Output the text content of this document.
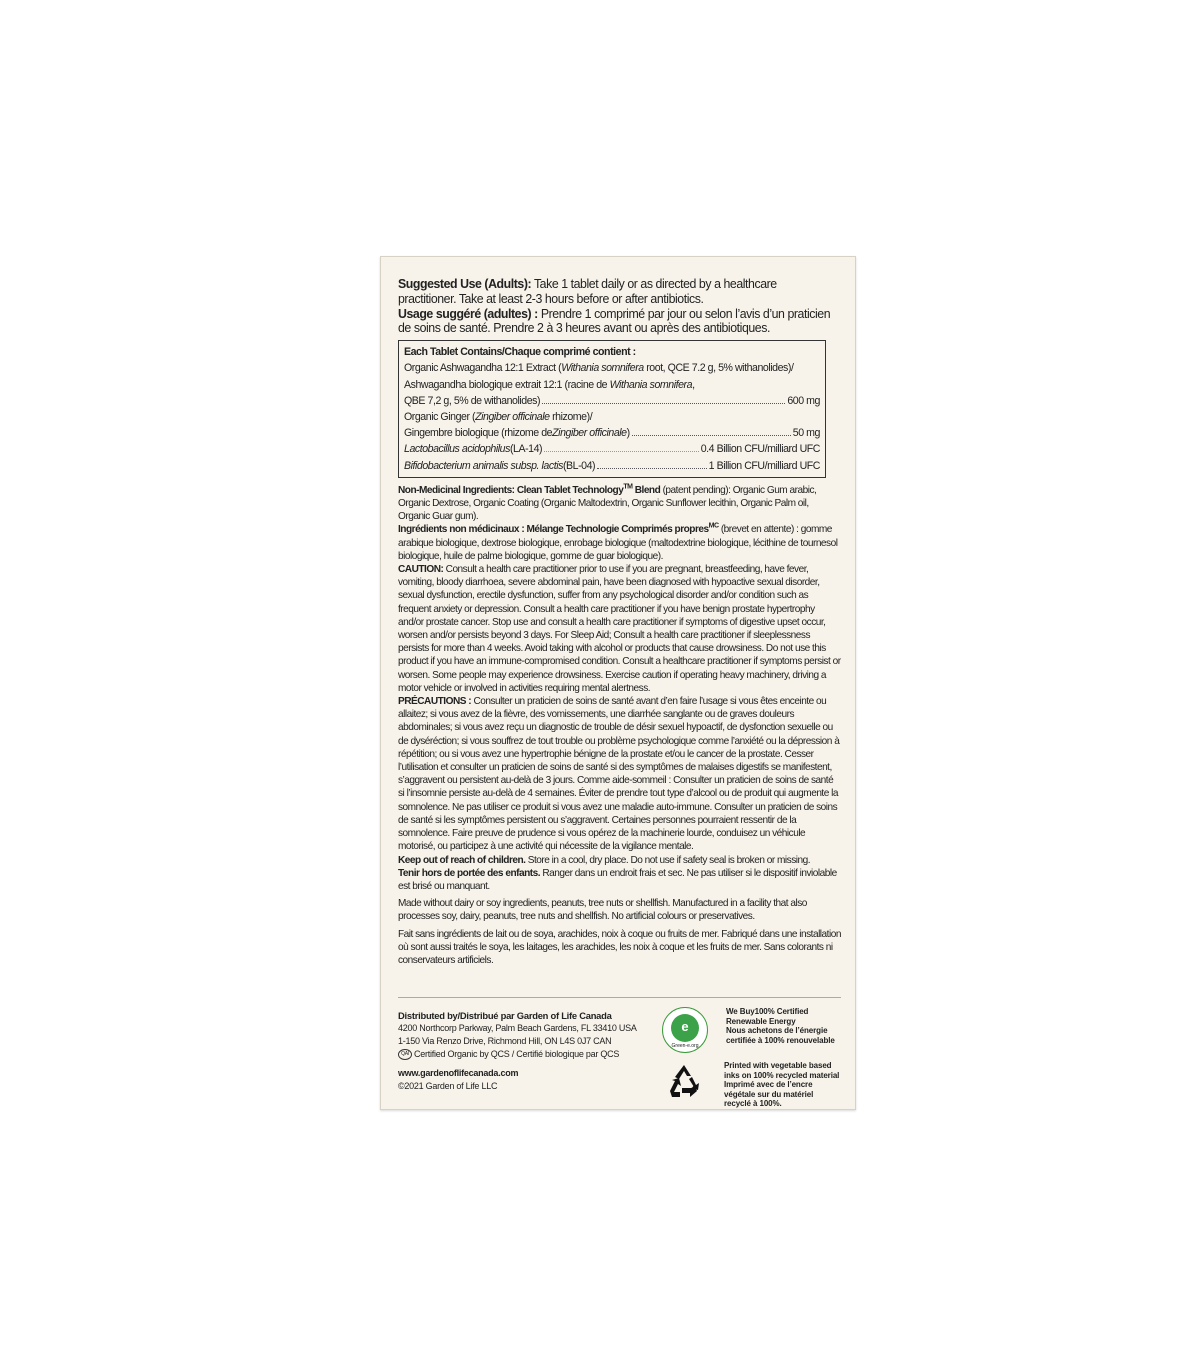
Suggested Use (Adults): Take 1 tablet daily or as directed by a healthcare practitioner. Take at least 2-3 hours before or after antibiotics.
Usage suggéré (adultes) : Prendre 1 comprimé par jour ou selon l’avis d’un praticien de soins de santé. Prendre 2 à 3 heures avant ou après des antibiotiques.
Each Tablet Contains/Chaque comprimé contient :
Organic Ashwagandha 12:1 Extract (Withania somnifera root, QCE 7.2 g, 5% withanolides)/
Ashwagandha biologique extrait 12:1 (racine de Withania somnifera,
QBE 7,2 g, 5% de withanolides)	600 mg
Organic Ginger (Zingiber officinale rhizome)/
Gingembre biologique (rhizome de Zingiber officinale )	50 mg
Lactobacillus acidophilus (LA-14)	0.4 Billion CFU/milliard UFC
Bifidobacterium animalis subsp. lactis (BL-04)	1 Billion CFU/milliard UFC

Non-Medicinal Ingredients: Clean Tablet Technology™ Blend (patent pending): Organic Gum arabic, Organic Dextrose, Organic Coating (Organic Maltodextrin, Organic Sunflower lecithin, Organic Palm oil, Organic Guar gum).

Ingrédients non médicinaux : Mélange Technologie Comprimés propres$^{MC}$ (brevet en attente) : gomme arabique biologique, dextrose biologique, enrobage biologique (maltodextrine biologique, lécithine de tournesol biologique, huile de palme biologique, gomme de guar biologique).

CAUTION: Consult a health care practitioner prior to use if you are pregnant, breastfeeding, have fever, vomiting, bloody diarrhoea, severe abdominal pain, have been diagnosed with hypoactive sexual disorder, sexual dysfunction, erectile dysfunction, suffer from any psychological disorder and/or condition such as frequent anxiety or depression. Consult a health care practitioner if you have benign prostate hypertrophy and/or prostate cancer. Stop use and consult a health care practitioner if symptoms of digestive upset occur, worsen and/or persists beyond 3 days. For Sleep Aid; Consult a health care practitioner if sleeplessness persists for more than 4 weeks. Avoid taking with alcohol or products that cause drowsiness. Do not use this product if you have an immune-compromised condition. Consult a healthcare practitioner if symptoms persist or worsen. Some people may experience drowsiness. Exercise caution if operating heavy machinery, driving a motor vehicle or involved in activities requiring mental alertness.

PRÉCAUTIONS : Consulter un praticien de soins de santé avant d’en faire l’usage si vous êtes enceinte ou allaitez; si vous avez de la fièvre, des vomissements, une diarrhée sanglante ou de graves douleurs abdominales; si vous avez reçu un diagnostic de trouble de désir sexuel hypoactif, de dysfonction sexuelle ou de dyséréction; si vous souffrez de tout trouble ou problème psychologique comme l’anxiété ou la dépression à répétition; ou si vous avez une hypertrophie bénigne de la prostate et/ou le cancer de la prostate. Cesser l’utilisation et consulter un praticien de soins de santé si des symptômes de malaises digestifs se manifestent, s’aggravent ou persistent au-delà de 3 jours. Comme aide-sommeil : Consulter un praticien de soins de santé si l’insomnie persiste au-delà de 4 semaines. Éviter de prendre tout type d’alcool ou de produit qui augmente la somnolence. Ne pas utiliser ce produit si vous avez une maladie auto-immune. Consulter un praticien de soins de santé si les symptômes persistent ou s’aggravent. Certaines personnes pourraient ressentir de la somnolence. Faire preuve de prudence si vous opérez de la machinerie lourde, conduisez un véhicule motorisé, ou participez à une activité qui nécessite de la vigilance mentale.

Keep out of reach of children. Store in a cool, dry place. Do not use if safety seal is broken or missing.

Tenir hors de portée des enfants. Ranger dans un endroit frais et sec. Ne pas utiliser si le dispositif inviolable est brisé ou manquant.

Made without dairy or soy ingredients, peanuts, tree nuts or shellfish. Manufactured in a facility that also processes soy, dairy, peanuts, tree nuts and shellfish. No artificial colours or preservatives.

Fait sans ingrédients de lait ou de soya, arachides, noix à coque ou fruits de mer. Fabriqué dans une installation où sont aussi traités le soya, les laitages, les arachides, les noix à coque et les fruits de mer. Sans colorants ni conservateurs artificiels.

Distributed by/Distribué par Garden of Life Canada
4200 Northcorp Parkway, Palm Beach Gardens, FL 33410 USA
1-150 Via Renzo Drive, Richmond Hill, ON L4S 0J7 CAN
QAI Certified Organic by QCS / Certifié biologique par QCS
www.gardenoflifecanada.com
©2021 Garden of Life LLC
e
Green-e.org
We Buy100% Certified Renewable Energy
Nous achetons de l’énergie certifiée à 100% renouvelable
Printed with vegetable based inks on 100% recycled material
Imprimé avec de l’encre végétale sur du matériel recyclé à 100%.
